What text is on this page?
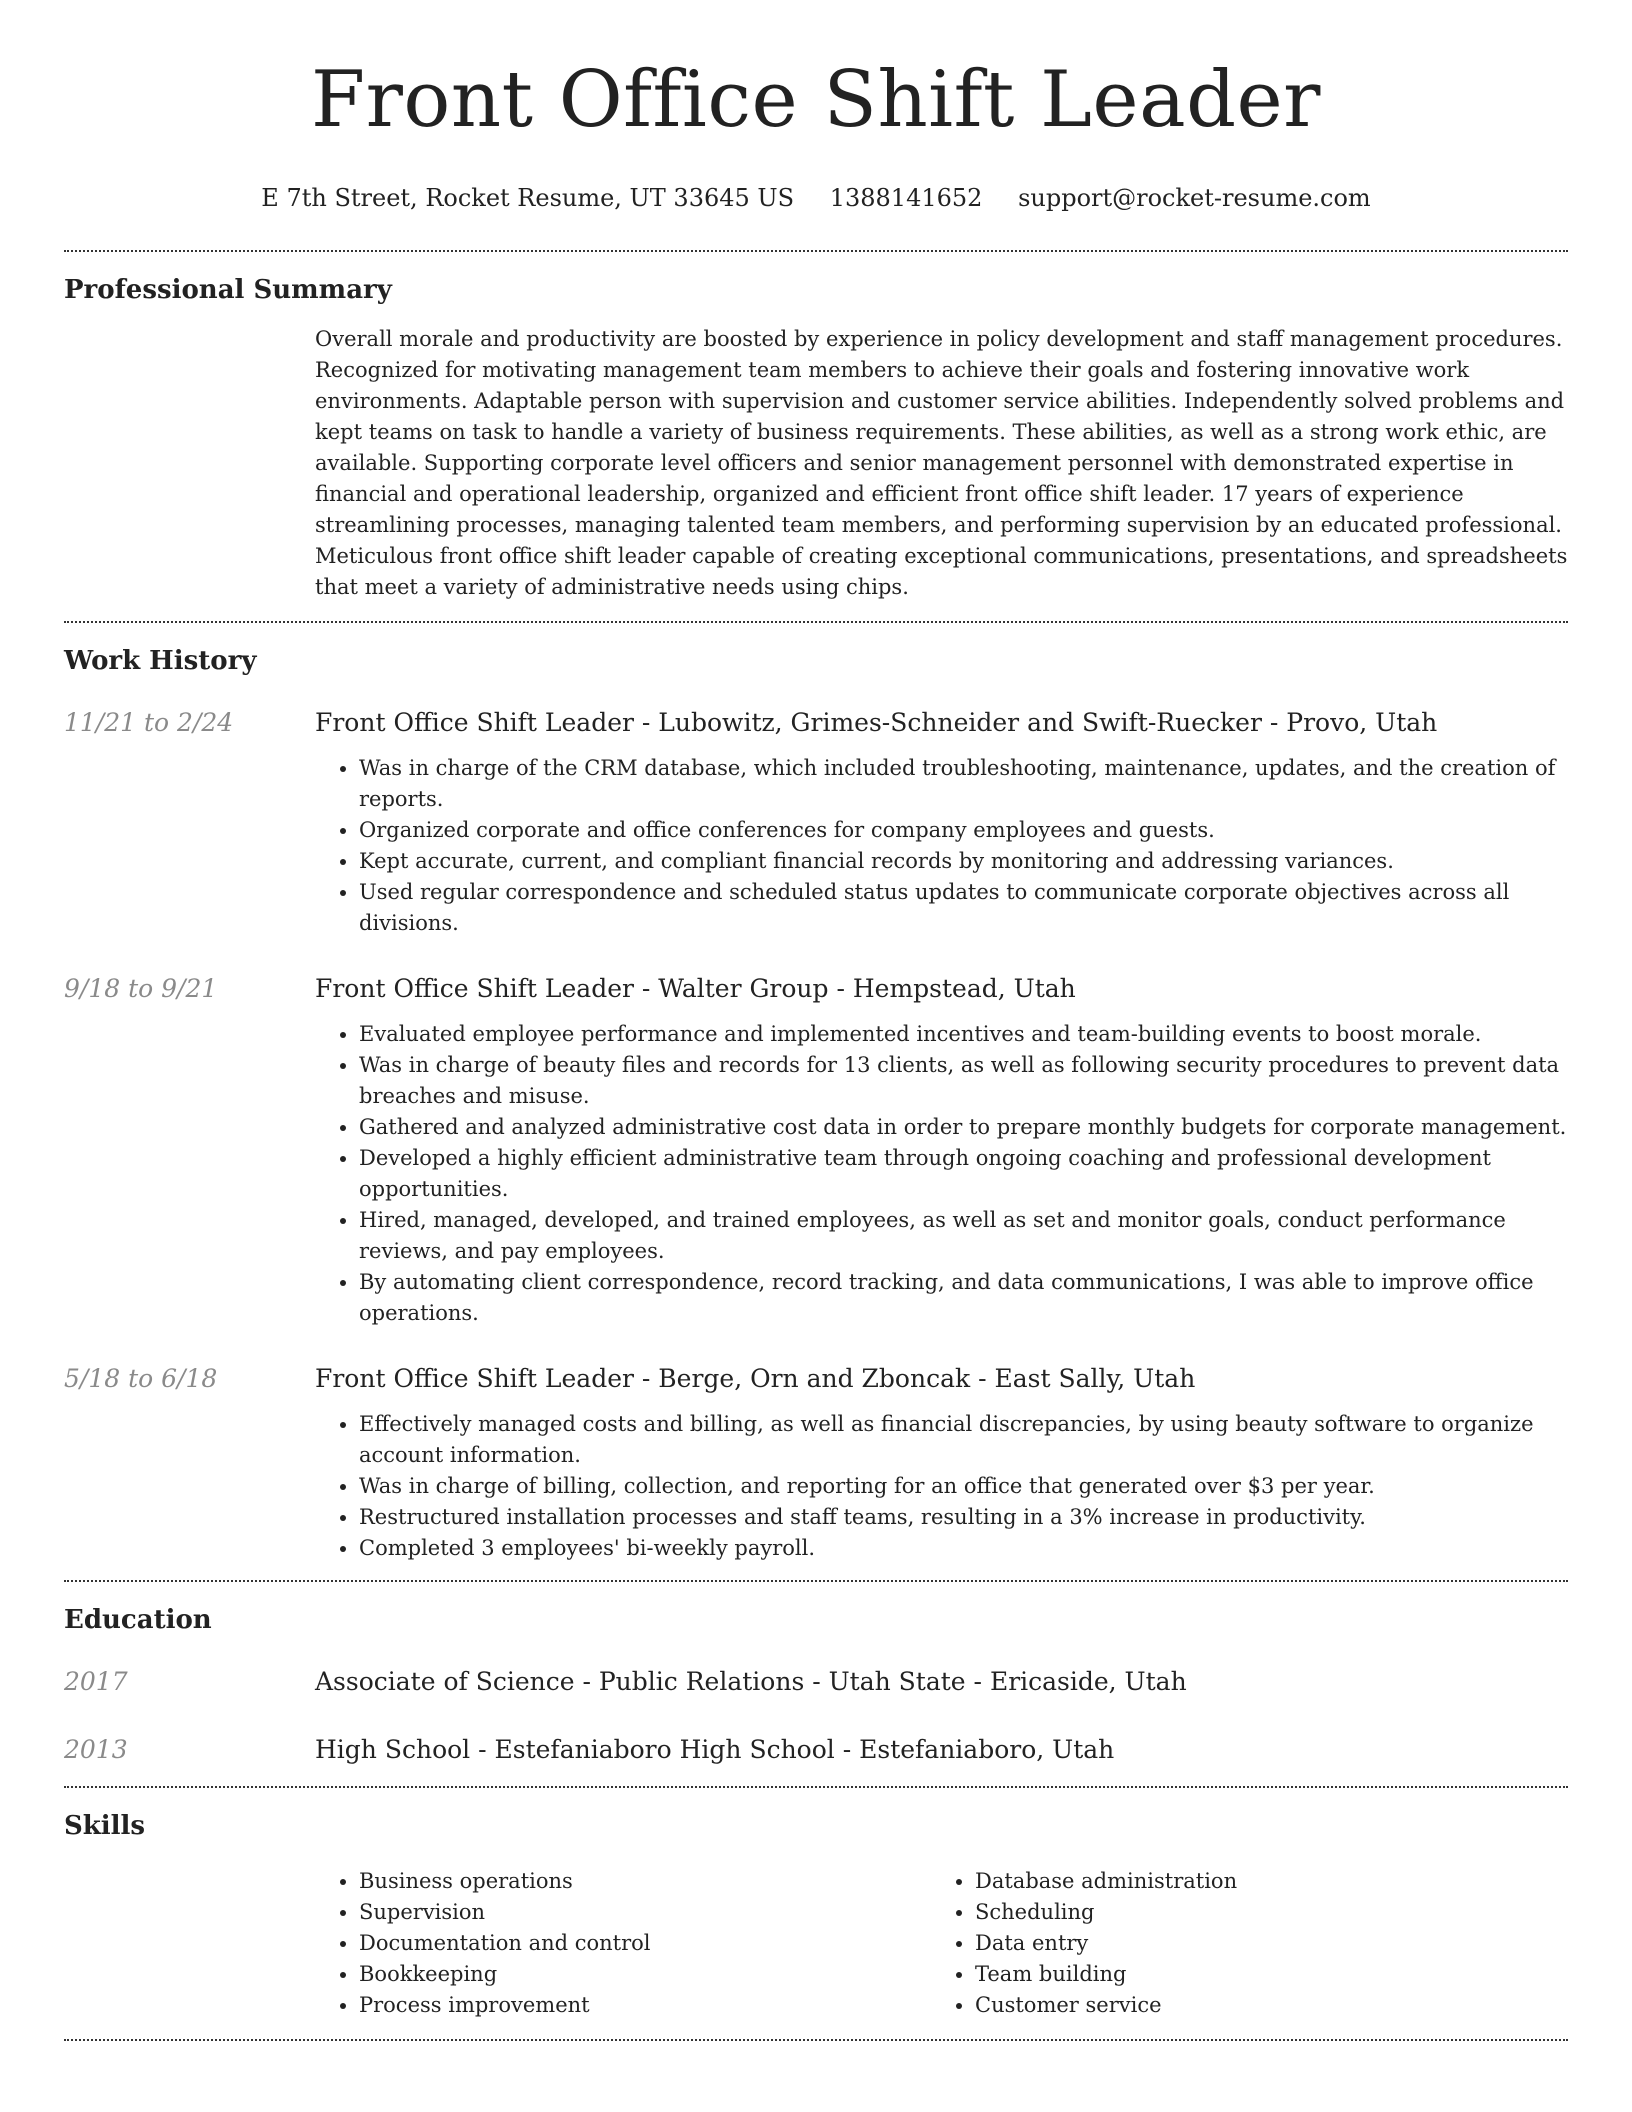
Front Office Shift Leader
E 7th Street, Rocket Resume, UT 33645 US 1388141652 support@rocket-resume.com
Professional Summary
Overall morale and productivity are boosted by experience in policy development and staff management procedures. Recognized for motivating management team members to achieve their goals and fostering innovative work environments. Adaptable person with supervision and customer service abilities. Independently solved problems and kept teams on task to handle a variety of business requirements. These abilities, as well as a strong work ethic, are available. Supporting corporate level officers and senior management personnel with demonstrated expertise in financial and operational leadership, organized and efficient front office shift leader. 17 years of experience streamlining processes, managing talented team members, and performing supervision by an educated professional. Meticulous front office shift leader capable of creating exceptional communications, presentations, and spreadsheets that meet a variety of administrative needs using chips.
Work History
11/21 to 2/24	Front Office Shift Leader - Lubowitz, Grimes-Schneider and Swift-Ruecker - Provo, Utah
• Was in charge of the CRM database, which included troubleshooting, maintenance, updates, and the creation of reports.
• Organized corporate and office conferences for company employees and guests.
• Kept accurate, current, and compliant financial records by monitoring and addressing variances.
• Used regular correspondence and scheduled status updates to communicate corporate objectives across all divisions.
9/18 to 9/21	Front Office Shift Leader - Walter Group - Hempstead, Utah
• Evaluated employee performance and implemented incentives and team-building events to boost morale.
• Was in charge of beauty files and records for 13 clients, as well as following security procedures to prevent data breaches and misuse.
• Gathered and analyzed administrative cost data in order to prepare monthly budgets for corporate management.
• Developed a highly efficient administrative team through ongoing coaching and professional development opportunities.
• Hired, managed, developed, and trained employees, as well as set and monitor goals, conduct performance reviews, and pay employees.
• By automating client correspondence, record tracking, and data communications, I was able to improve office operations.
5/18 to 6/18	Front Office Shift Leader - Berge, Orn and Zboncak - East Sally, Utah
• Effectively managed costs and billing, as well as financial discrepancies, by using beauty software to organize account information.
• Was in charge of billing, collection, and reporting for an office that generated over $3 per year.
• Restructured installation processes and staff teams, resulting in a 3% increase in productivity.
• Completed 3 employees' bi-weekly payroll.
Education
2017	Associate of Science - Public Relations - Utah State - Ericaside, Utah
2013	High School - Estefaniaboro High School - Estefaniaboro, Utah
Skills
• Business operations
• Supervision
• Documentation and control
• Bookkeeping
• Process improvement
• Database administration
• Scheduling
• Data entry
• Team building
• Customer service
